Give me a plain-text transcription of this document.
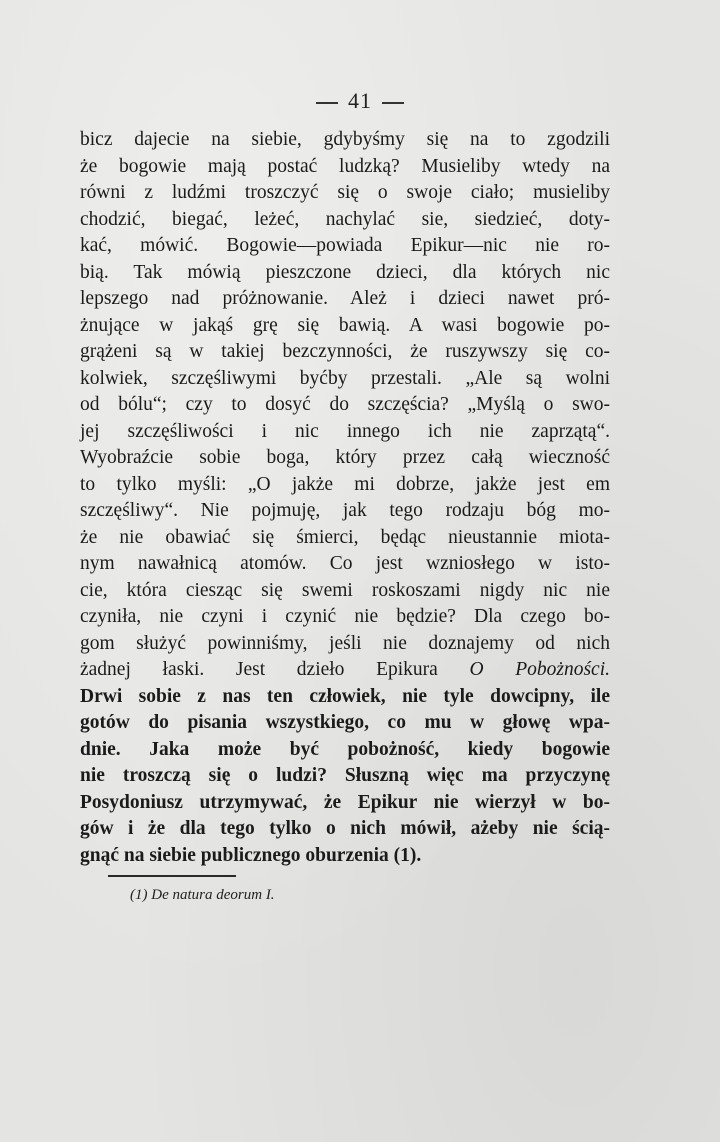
41
bicz dajecie na siebie, gdybyśmy się na to zgodzili
że bogowie mają postać ludzką? Musieliby wtedy na
równi z ludźmi troszczyć się o swoje ciało; musieliby
chodzić, biegać, leżeć, nachylać sie, siedzieć, doty-
kać, mówić. Bogowie—powiada Epikur—nic nie ro-
bią. Tak mówią pieszczone dzieci, dla których nic
lepszego nad próżnowanie. Ależ i dzieci nawet pró-
żnujące w jakąś grę się bawią. A wasi bogowie po-
grążeni są w takiej bezczynności, że ruszywszy się co-
kolwiek, szczęśliwymi byćby przestali. „Ale są wolni
od bólu“; czy to dosyć do szczęścia? „Myślą o swo-
jej szczęśliwości i nic innego ich nie zaprzątą“.
Wyobraźcie sobie boga, który przez całą wieczność
to tylko myśli: „O jakże mi dobrze, jakże jest em
szczęśliwy“. Nie pojmuję, jak tego rodzaju bóg mo-
że nie obawiać się śmierci, będąc nieustannie miota-
nym nawałnicą atomów. Co jest wzniosłego w isto-
cie, która ciesząc się swemi roskoszami nigdy nic nie
czyniła, nie czyni i czynić nie będzie? Dla czego bo-
gom służyć powinniśmy, jeśli nie doznajemy od nich
żadnej łaski. Jest dzieło Epikura O Pobożności.
Drwi sobie z nas ten człowiek, nie tyle dowcipny, ile
gotów do pisania wszystkiego, co mu w głowę wpa-
dnie. Jaka może być pobożność, kiedy bogowie
nie troszczą się o ludzi? Słuszną więc ma przyczynę
Posydoniusz utrzymywać, że Epikur nie wierzył w bo-
gów i że dla tego tylko o nich mówił, ażeby nie ścią-
gnąć na siebie publicznego oburzenia (1).
(1) De natura deorum I.
